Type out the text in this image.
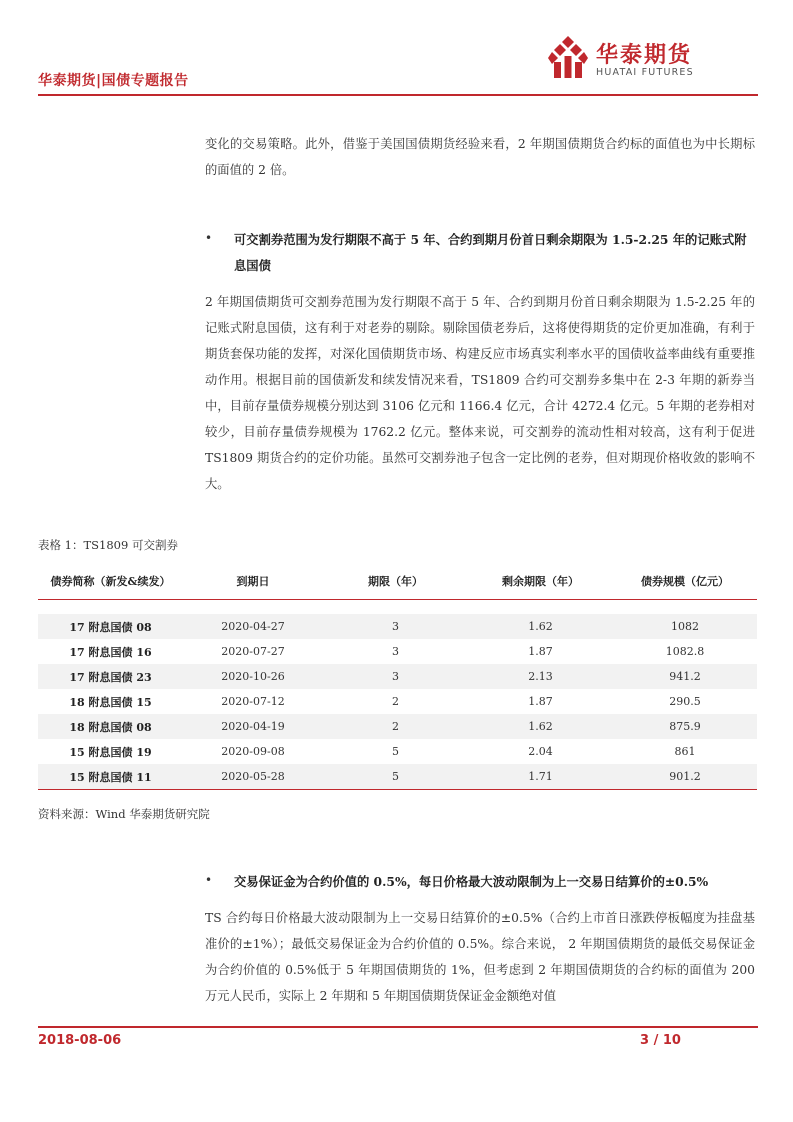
华泰期货|国债专题报告
华泰期货
HUATAI FUTURES

变化的交易策略。此外，借鉴于美国国债期货经验来看，2 年期国债期货合约标的面值也为中长期标的面值的 2 倍。

• 可交割券范围为发行期限不高于 5 年、合约到期月份首日剩余期限为 1.5-2.25 年的记账式附息国债

2 年期国债期货可交割券范围为发行期限不高于 5 年、合约到期月份首日剩余期限为 1.5-2.25 年的记账式附息国债，这有利于对老券的剔除。剔除国债老券后，这将使得期货的定价更加准确，有利于期货套保功能的发挥，对深化国债期货市场、构建反应市场真实利率水平的国债收益率曲线有重要推动作用。根据目前的国债新发和续发情况来看，TS1809 合约可交割券多集中在 2-3 年期的新券当中，目前存量债券规模分别达到 3106 亿元和 1166.4 亿元，合计 4272.4 亿元。5 年期的老券相对较少，目前存量债券规模为 1762.2 亿元。整体来说，可交割券的流动性相对较高，这有利于促进 TS1809 期货合约的定价功能。虽然可交割券池子包含一定比例的老券，但对期现价格收敛的影响不大。

表格 1：TS1809 可交割券
债券简称（新发&续发）	到期日	期限（年）	剩余期限（年）	债券规模（亿元）

17 附息国债 08	2020-04-27	3	1.62	1082
17 附息国债 16	2020-07-27	3	1.87	1082.8
17 附息国债 23	2020-10-26	3	2.13	941.2
18 附息国债 15	2020-07-12	2	1.87	290.5
18 附息国债 08	2020-04-19	2	1.62	875.9
15 附息国债 19	2020-09-08	5	2.04	861
15 附息国债 11	2020-05-28	5	1.71	901.2
资料来源：Wind 华泰期货研究院
• 交易保证金为合约价值的 0.5%，每日价格最大波动限制为上一交易日结算价的±0.5%

TS 合约每日价格最大波动限制为上一交易日结算价的±0.5%（合约上市首日涨跌停板幅度为挂盘基准价的±1%）；最低交易保证金为合约价值的 0.5%。综合来说， 2 年期国债期货的最低交易保证金为合约价值的 0.5%低于 5 年期国债期货的 1%，但考虑到 2 年期国债期货的合约标的面值为 200 万元人民币，实际上 2 年期和 5 年期国债期货保证金金额绝对值

2018-08-06	3 / 10
